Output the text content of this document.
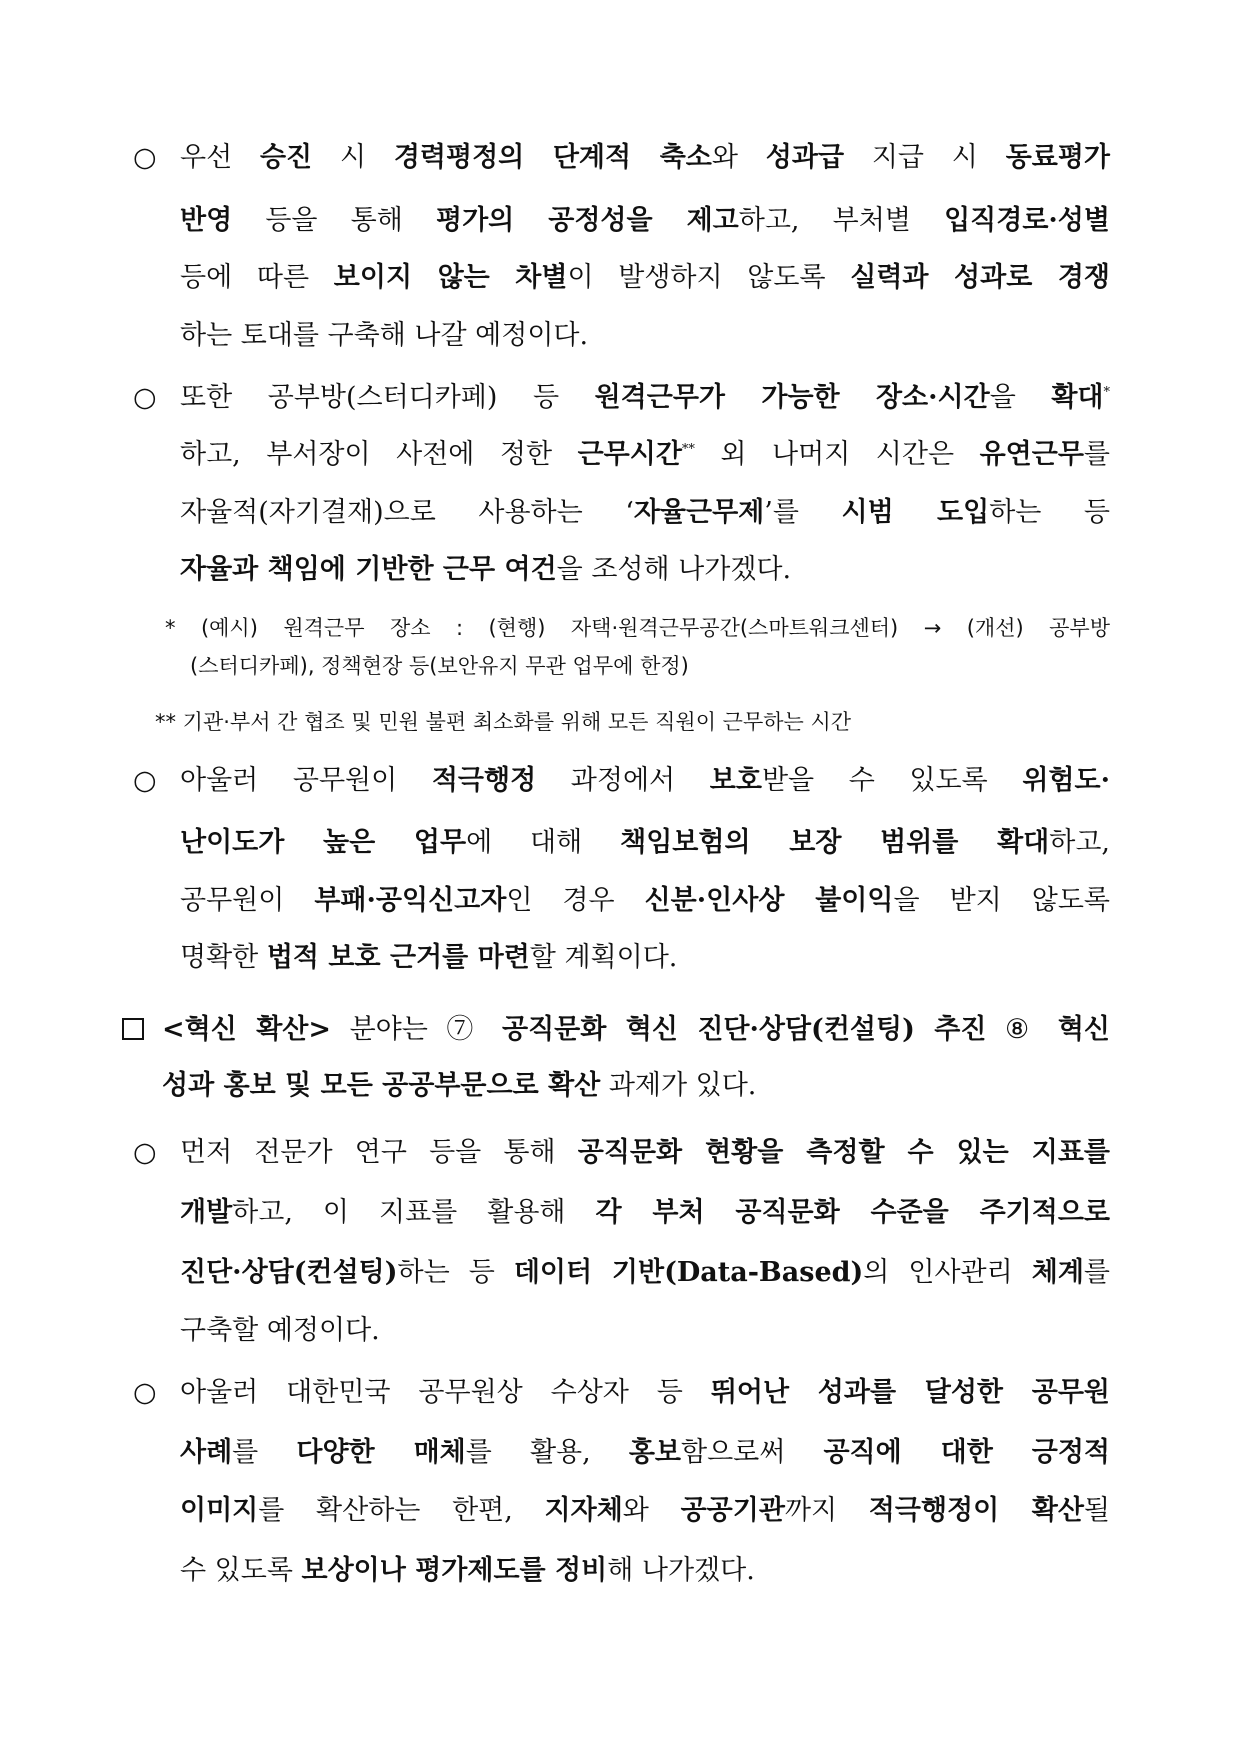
○ 우선 승진 시 경력평정의 단계적 축소와 성과급 지급 시 동료평가
반영 등을 통해 평가의 공정성을 제고하고, 부처별 입직경로·성별
등에 따른 보이지 않는 차별이 발생하지 않도록 실력과 성과로 경쟁
하는 토대를 구축해 나갈 예정이다.
○ 또한 공부방(스터디카페) 등 원격근무가 가능한 장소·시간을 확대*
하고, 부서장이 사전에 정한 근무시간** 외 나머지 시간은 유연근무를
자율적(자기결재)으로 사용하는 ‘자율근무제’를 시범 도입하는 등
자율과 책임에 기반한 근무 여건을 조성해 나가겠다.
* (예시) 원격근무 장소 : (현행) 자택·원격근무공간(스마트워크센터) → (개선) 공부방
(스터디카페), 정책현장 등(보안유지 무관 업무에 한정)
** 기관·부서 간 협조 및 민원 불편 최소화를 위해 모든 직원이 근무하는 시간
○ 아울러 공무원이 적극행정 과정에서 보호받을 수 있도록 위험도·
난이도가 높은 업무에 대해 책임보험의 보장 범위를 확대하고,
공무원이 부패·공익신고자인 경우 신분·인사상 불이익을 받지 않도록
명확한 법적 보호 근거를 마련할 계획이다.
<혁신 확산> 분야는 ⑦ 공직문화 혁신 진단·상담(컨설팅) 추진 ⑧ 혁신
성과 홍보 및 모든 공공부문으로 확산 과제가 있다.
○ 먼저 전문가 연구 등을 통해 공직문화 현황을 측정할 수 있는 지표를
개발하고, 이 지표를 활용해 각 부처 공직문화 수준을 주기적으로
진단·상담(컨설팅)하는 등 데이터 기반(Data-Based)의 인사관리 체계를
구축할 예정이다.
○ 아울러 대한민국 공무원상 수상자 등 뛰어난 성과를 달성한 공무원
사례를 다양한 매체를 활용, 홍보함으로써 공직에 대한 긍정적
이미지를 확산하는 한편, 지자체와 공공기관까지 적극행정이 확산될
수 있도록 보상이나 평가제도를 정비해 나가겠다.
